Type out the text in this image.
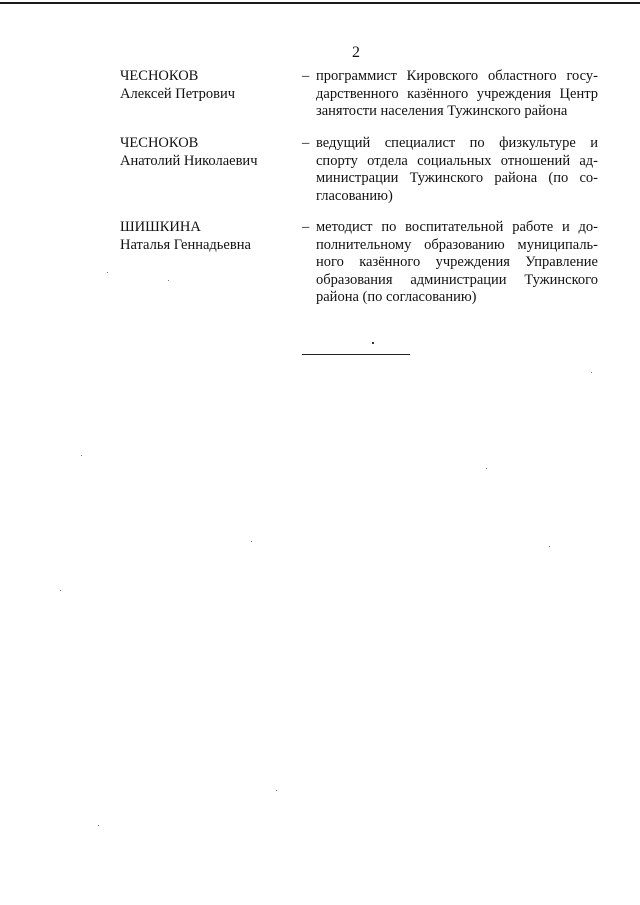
2
ЧЕСНОКОВ
Алексей Петрович
– программист Кировского областного госу-
дарственного казённого учреждения Центр
занятости населения Тужинского района
ЧЕСНОКОВ
Анатолий Николаевич
– ведущий специалист по физкультуре и
спорту отдела социальных отношений ад-
министрации Тужинского района (по со-
гласованию)
ШИШКИНА
Наталья Геннадьевна
– методист по воспитательной работе и до-
полнительному образованию муниципаль-
ного казённого учреждения Управление
образования администрации Тужинского
района (по согласованию)
